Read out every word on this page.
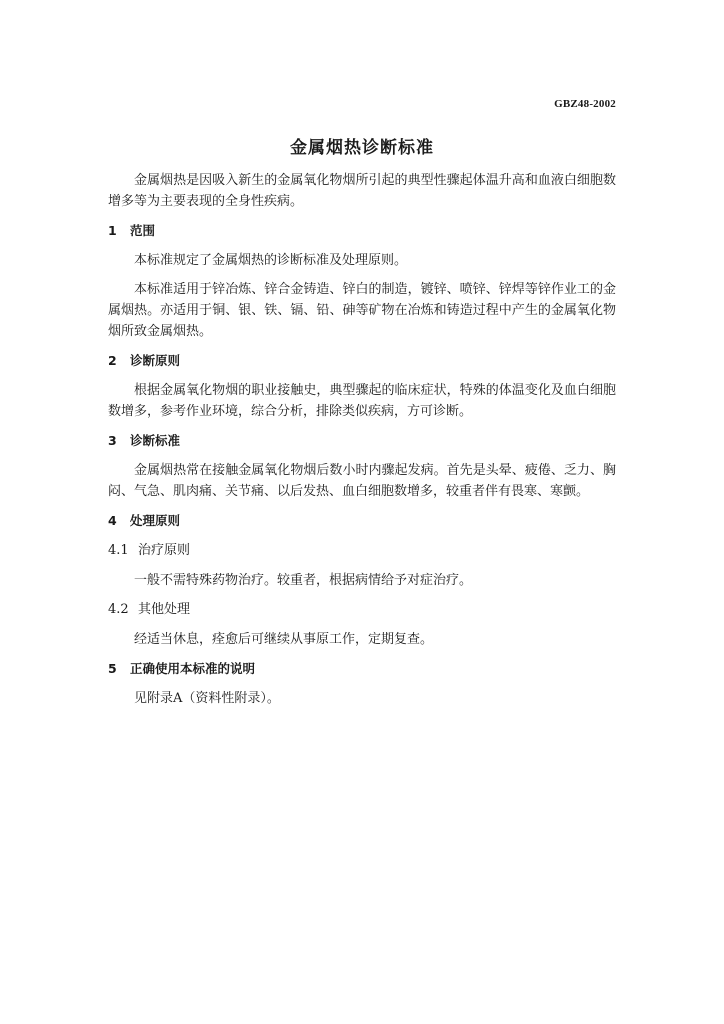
GBZ48-2002
金属烟热诊断标准

金属烟热是因吸入新生的金属氧化物烟所引起的典型性骤起体温升高和血液白细胞数增多等为主要表现的全身性疾病。

1 范围

本标准规定了金属烟热的诊断标准及处理原则。

本标准适用于锌冶炼、锌合金铸造、锌白的制造，镀锌、喷锌、锌焊等锌作业工的金属烟热。亦适用于铜、银、铁、镉、铅、砷等矿物在冶炼和铸造过程中产生的金属氧化物烟所致金属烟热。

2 诊断原则

根据金属氧化物烟的职业接触史，典型骤起的临床症状，特殊的体温变化及血白细胞数增多，参考作业环境，综合分析，排除类似疾病，方可诊断。

3 诊断标准

金属烟热常在接触金属氧化物烟后数小时内骤起发病。首先是头晕、疲倦、乏力、胸闷、气急、肌肉痛、关节痛、以后发热、血白细胞数增多，较重者伴有畏寒、寒颤。

4 处理原则
4.1 治疗原则

一般不需特殊药物治疗。较重者，根据病情给予对症治疗。

4.2 其他处理

经适当休息，痊愈后可继续从事原工作，定期复查。

5 正确使用本标准的说明

见附录A（资料性附录）。
